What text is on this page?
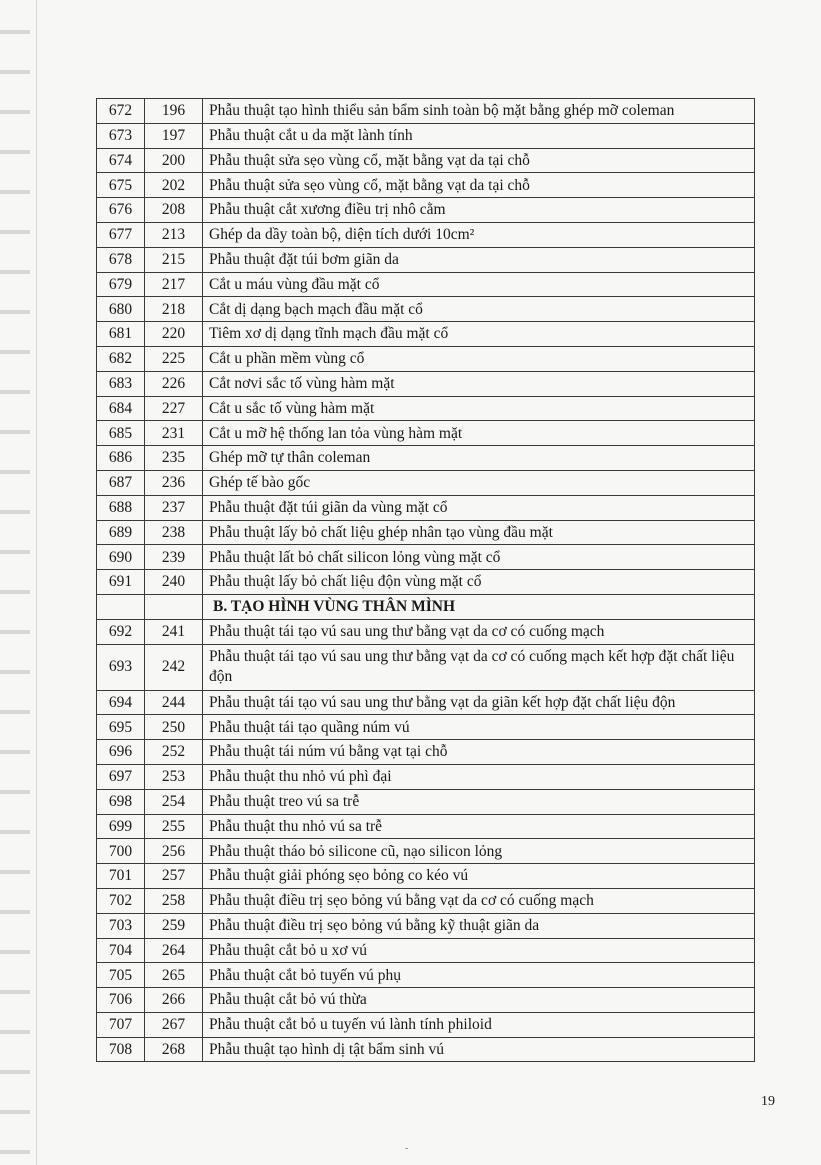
672	196	Phẫu thuật tạo hình thiểu sản bẩm sinh toàn bộ mặt bằng ghép mỡ coleman
673	197	Phẫu thuật cắt u da mặt lành tính
674	200	Phẫu thuật sửa sẹo vùng cổ, mặt bằng vạt da tại chỗ
675	202	Phẫu thuật sửa sẹo vùng cổ, mặt bằng vạt da tại chỗ
676	208	Phẫu thuật cắt xương điều trị nhô cằm
677	213	Ghép da dầy toàn bộ, diện tích dưới 10cm²
678	215	Phẫu thuật đặt túi bơm giãn da
679	217	Cắt u máu vùng đầu mặt cổ
680	218	Cắt dị dạng bạch mạch đầu mặt cổ
681	220	Tiêm xơ dị dạng tĩnh mạch đầu mặt cổ
682	225	Cắt u phần mềm vùng cổ
683	226	Cắt nơvi sắc tố vùng hàm mặt
684	227	Cắt u sắc tố vùng hàm mặt
685	231	Cắt u mỡ hệ thống lan tỏa vùng hàm mặt
686	235	Ghép mỡ tự thân coleman
687	236	Ghép tế bào gốc
688	237	Phẫu thuật đặt túi giãn da vùng mặt cổ
689	238	Phẫu thuật lấy bỏ chất liệu ghép nhân tạo vùng đầu mặt
690	239	Phẫu thuật lất bỏ chất silicon lỏng vùng mặt cổ
691	240	Phẫu thuật lấy bỏ chất liệu độn vùng mặt cổ
		B. TẠO HÌNH VÙNG THÂN MÌNH
692	241	Phẫu thuật tái tạo vú sau ung thư bằng vạt da cơ có cuống mạch
693	242	Phẫu thuật tái tạo vú sau ung thư bằng vạt da cơ có cuống mạch kết hợp đặt chất liệu độn
694	244	Phẫu thuật tái tạo vú sau ung thư bằng vạt da giãn kết hợp đặt chất liệu độn
695	250	Phẫu thuật tái tạo quầng núm vú
696	252	Phẫu thuật tái núm vú bằng vạt tại chỗ
697	253	Phẫu thuật thu nhỏ vú phì đại
698	254	Phẫu thuật treo vú sa trễ
699	255	Phẫu thuật thu nhỏ vú sa trễ
700	256	Phẫu thuật tháo bỏ silicone cũ, nạo silicon lỏng
701	257	Phẫu thuật giải phóng sẹo bỏng co kéo vú
702	258	Phẫu thuật điều trị sẹo bỏng vú bằng vạt da cơ có cuống mạch
703	259	Phẫu thuật điều trị sẹo bỏng vú bằng kỹ thuật giãn da
704	264	Phẫu thuật cắt bỏ u xơ vú
705	265	Phẫu thuật cắt bỏ tuyến vú phụ
706	266	Phẫu thuật cắt bỏ vú thừa
707	267	Phẫu thuật cắt bỏ u tuyến vú lành tính philoid
708	268	Phẫu thuật tạo hình dị tật bẩm sinh vú
19
‑
